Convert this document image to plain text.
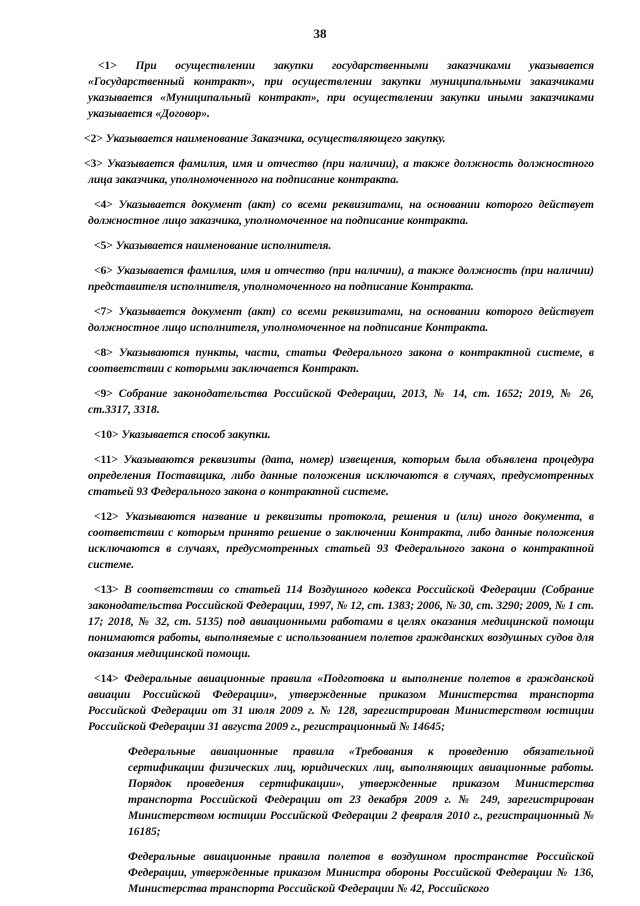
38

<1> При осуществлении закупки государственными заказчиками указывается «Государственный контракт», при осуществлении закупки муниципальными заказчиками указывается «Муниципальный контракт», при осуществлении закупки иными заказчиками указывается «Договор».

<2> Указывается наименование Заказчика, осуществляющего закупку.

<3> Указывается фамилия, имя и отчество (при наличии), а также должность должностного лица заказчика, уполномоченного на подписание контракта.

<4> Указывается документ (акт) со всеми реквизитами, на основании которого действует должностное лицо заказчика, уполномоченное на подписание контракта.

<5> Указывается наименование исполнителя.

<6> Указывается фамилия, имя и отчество (при наличии), а также должность (при наличии) представителя исполнителя, уполномоченного на подписание Контракта.

<7> Указывается документ (акт) со всеми реквизитами, на основании которого действует должностное лицо исполнителя, уполномоченное на подписание Контракта.

<8> Указываются пункты, части, статьи Федерального закона о контрактной системе, в соответствии с которыми заключается Контракт.

<9> Собрание законодательства Российской Федерации, 2013, № 14, ст. 1652; 2019, № 26, ст.3317, 3318.

<10> Указывается способ закупки.

<11> Указываются реквизиты (дата, номер) извещения, которым была объявлена процедура определения Поставщика, либо данные положения исключаются в случаях, предусмотренных статьей 93 Федерального закона о контрактной системе.

<12> Указываются название и реквизиты протокола, решения и (или) иного документа, в соответствии с которым принято решение о заключении Контракта, либо данные положения исключаются в случаях, предусмотренных статьей 93 Федерального закона о контрактной системе.

<13> В соответствии со статьей 114 Воздушного кодекса Российской Федерации (Собрание законодательства Российской Федерации, 1997, № 12, ст. 1383; 2006, № 30, ст. 3290; 2009, № 1 ст. 17; 2018, № 32, ст. 5135) под авиационными работами в целях оказания медицинской помощи понимаются работы, выполняемые с использованием полетов гражданских воздушных судов для оказания медицинской помощи.

<14> Федеральные авиационные правила «Подготовка и выполнение полетов в гражданской авиации Российской Федерации», утвержденные приказом Министерства транспорта Российской Федерации от 31 июля 2009 г. № 128, зарегистрирован Министерством юстиции Российской Федерации 31 августа 2009 г., регистрационный № 14645;

Федеральные авиационные правила «Требования к проведению обязательной сертификации физических лиц, юридических лиц, выполняющих авиационные работы. Порядок проведения сертификации», утвержденные приказом Министерства транспорта Российской Федерации от 23 декабря 2009 г. № 249, зарегистрирован Министерством юстиции Российской Федерации 2 февраля 2010 г., регистрационный № 16185;

Федеральные авиационные правила полетов в воздушном пространстве Российской Федерации, утвержденные приказом Министра обороны Российской Федерации № 136, Министерства транспорта Российской Федерации № 42, Российского
